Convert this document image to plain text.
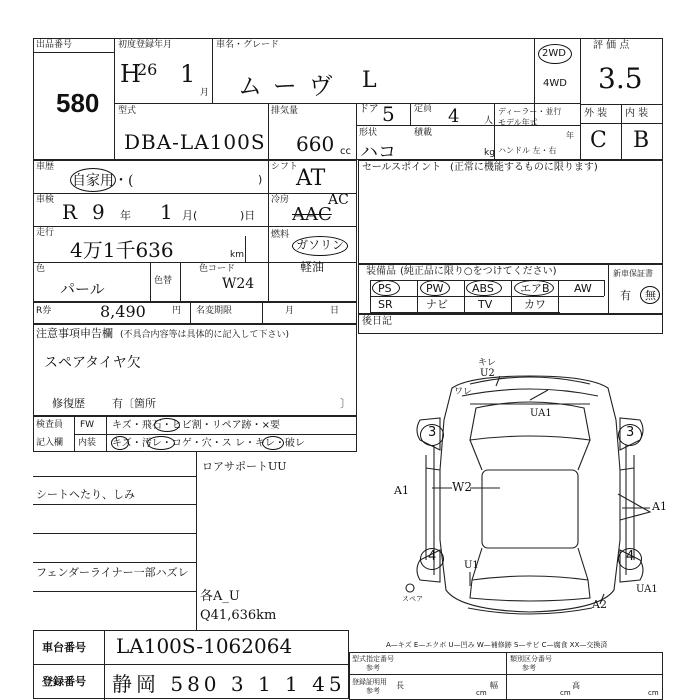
出品番号
580
初度登録年月
H
26 1
月
車名・グレード
ムーヴ L
2WD
4WD
評 価 点
3.5
外 装 内 装
C B
型式
DBA-LA100S
排気量
660 cc
ドア 5 定員 4	人
ディーラー・並行
モデル年式
年
形状
ハコ
積載
kg ハンドル 左・右
車歴
自家用・(	)
車検 R 9 年 1 月(	)日
走行
4万1千636	km
色
パール	色替
色コード
W24
シフト
AT
冷房	AC
AAC
燃料
ガソリン
軽油
R券	8,490	円 名変期限	月	日
注意事項申告欄 (不具合内容等は具体的に記入して下さい)
スペアタイヤ欠
修復歴 有〔箇所	〕
検査員
記入欄
FW
内装
キズ・飛石・ヒビ割・リペア跡・×要
キズ・汚レ・コゲ・穴・ス レ・キレ・破レ
ロアサポートUU
シートヘたり、しみ
フェンダーライナー一部ハズレ
各A_U
Q41,636km
セールスポイント (正常に機能するものに限ります)
装備品 (純正品に限り○をつけてください)	新車保証書
有 無
PS	PW	ABS エアB AW
SR	ナビ	TV	カワ
後日記
3	3
4	4
U2
ワレ
キレ
UA1
A1	W2
A1
U1
UA1
A2
スペア
A—キズ E—エクボ U—凹み W—補修跡 S—サビ C—腐食 XX—交換済
車台番号 LA100S-1062064
登録番号 静岡 580 3 1 1 45
型式指定番号
参考
類別区分番号
参考
登録証明用
参考
長
cm
幅
cm
高
cm
